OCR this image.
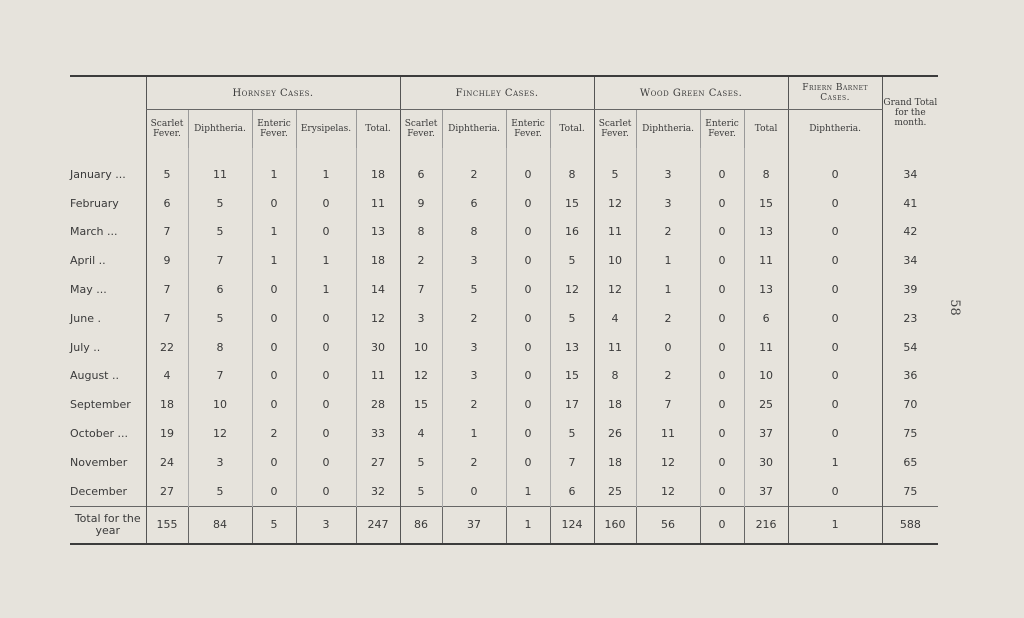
58
	Hornsey Cases.					Finchley Cases.				Wood Green Cases.				Friern Barnet Cases.	Grand Total for the month.
	Scarlet Fever.	Diphtheria.	Enteric Fever.	Erysipelas.	Total.	Scarlet Fever.	Diphtheria.	Enteric Fever.	Total.	Scarlet Fever.	Diphtheria.	Enteric Fever.	Total	Diphtheria.	
January ...	5	11	1	1	18	6	2	0	8	5	3	0	8	0	34
February	6	5	0	0	11	9	6	0	15	12	3	0	15	0	41
March ...	7	5	1	0	13	8	8	0	16	11	2	0	13	0	42
April ..	9	7	1	1	18	2	3	0	5	10	1	0	11	0	34
May ...	7	6	0	1	14	7	5	0	12	12	1	0	13	0	39
June .	7	5	0	0	12	3	2	0	5	4	2	0	6	0	23
July ..	22	8	0	0	30	10	3	0	13	11	0	0	11	0	54
August ..	4	7	0	0	11	12	3	0	15	8	2	0	10	0	36
September	18	10	0	0	28	15	2	0	17	18	7	0	25	0	70
October ...	19	12	2	0	33	4	1	0	5	26	11	0	37	0	75
November	24	3	0	0	27	5	2	0	7	18	12	0	30	1	65
December	27	5	0	0	32	5	0	1	6	25	12	0	37	0	75
Total for the year	155	84	5	3	247	86	37	1	124	160	56	0	216	1	588
